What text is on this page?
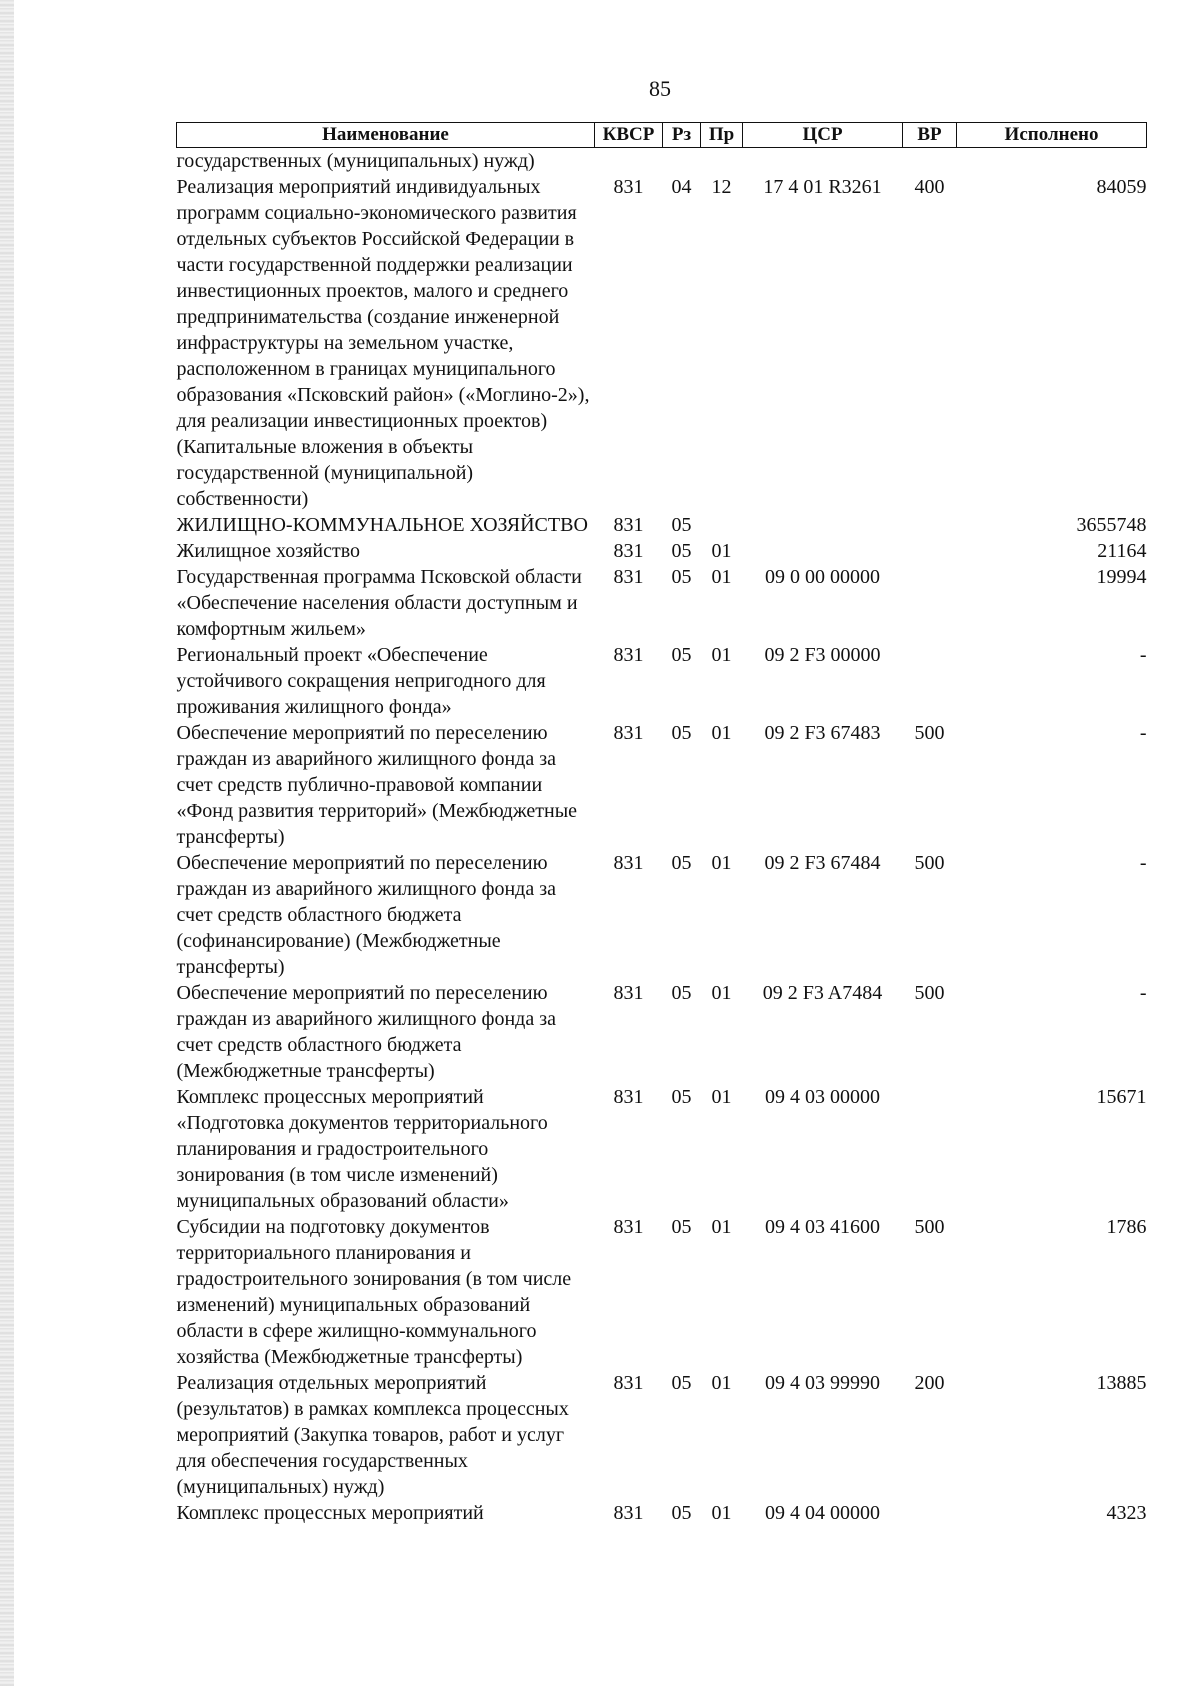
85
Наименование	КВСР	Рз	Пр	ЦСР	ВР	Исполнено
государственных (муниципальных) нужд)						
Реализация мероприятий индивидуальных программ социально-экономического развития отдельных субъектов Российской Федерации в части государственной поддержки реализации инвестиционных проектов, малого и среднего предпринимательства (создание инженерной инфраструктуры на земельном участке, расположенном в границах муниципального образования «Псковский район» («Моглино-2»), для реализации инвестиционных проектов) (Капитальные вложения в объекты государственной (муниципальной) собственности)	831	04	12	17 4 01 R3261	400	84059
ЖИЛИЩНО-КОММУНАЛЬНОЕ ХОЗЯЙСТВО	831	05				3655748
Жилищное хозяйство	831	05	01			21164
Государственная программа Псковской области «Обеспечение населения области доступным и комфортным жильем»	831	05	01	09 0 00 00000		19994
Региональный проект «Обеспечение устойчивого сокращения непригодного для проживания жилищного фонда»	831	05	01	09 2 F3 00000		-
Обеспечение мероприятий по переселению граждан из аварийного жилищного фонда за счет средств публично-правовой компании «Фонд развития территорий» (Межбюджетные трансферты)	831	05	01	09 2 F3 67483	500	-
Обеспечение мероприятий по переселению граждан из аварийного жилищного фонда за счет средств областного бюджета (софинансирование) (Межбюджетные трансферты)	831	05	01	09 2 F3 67484	500	-
Обеспечение мероприятий по переселению граждан из аварийного жилищного фонда за счет средств областного бюджета (Межбюджетные трансферты)	831	05	01	09 2 F3 A7484	500	-
Комплекс процессных мероприятий «Подготовка документов территориального планирования и градостроительного зонирования (в том числе изменений) муниципальных образований области»	831	05	01	09 4 03 00000		15671
Субсидии на подготовку документов территориального планирования и градостроительного зонирования (в том числе изменений) муниципальных образований области в сфере жилищно-коммунального хозяйства (Межбюджетные трансферты)	831	05	01	09 4 03 41600	500	1786
Реализация отдельных мероприятий (результатов) в рамках комплекса процессных мероприятий (Закупка товаров, работ и услуг для обеспечения государственных (муниципальных) нужд)	831	05	01	09 4 03 99990	200	13885
Комплекс процессных мероприятий	831	05	01	09 4 04 00000		4323
